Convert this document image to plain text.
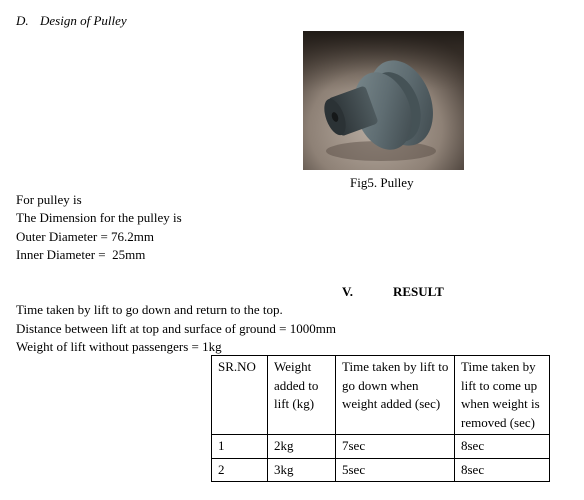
D. Design of Pulley
Fig5. Pulley
For pulley is
The Dimension for the pulley is
Outer Diameter = 76.2mm
Inner Diameter =  25mm
V.	RESULT
Time taken by lift to go down and return to the top.
Distance between lift at top and surface of ground = 1000mm
Weight of lift without passengers = 1kg
SR.NO	Weight added to lift (kg)	Time taken by lift to go down when weight added (sec)	Time taken by lift to come up when weight is removed (sec)
1	2kg	7sec	8sec
2	3kg	5sec	8sec
